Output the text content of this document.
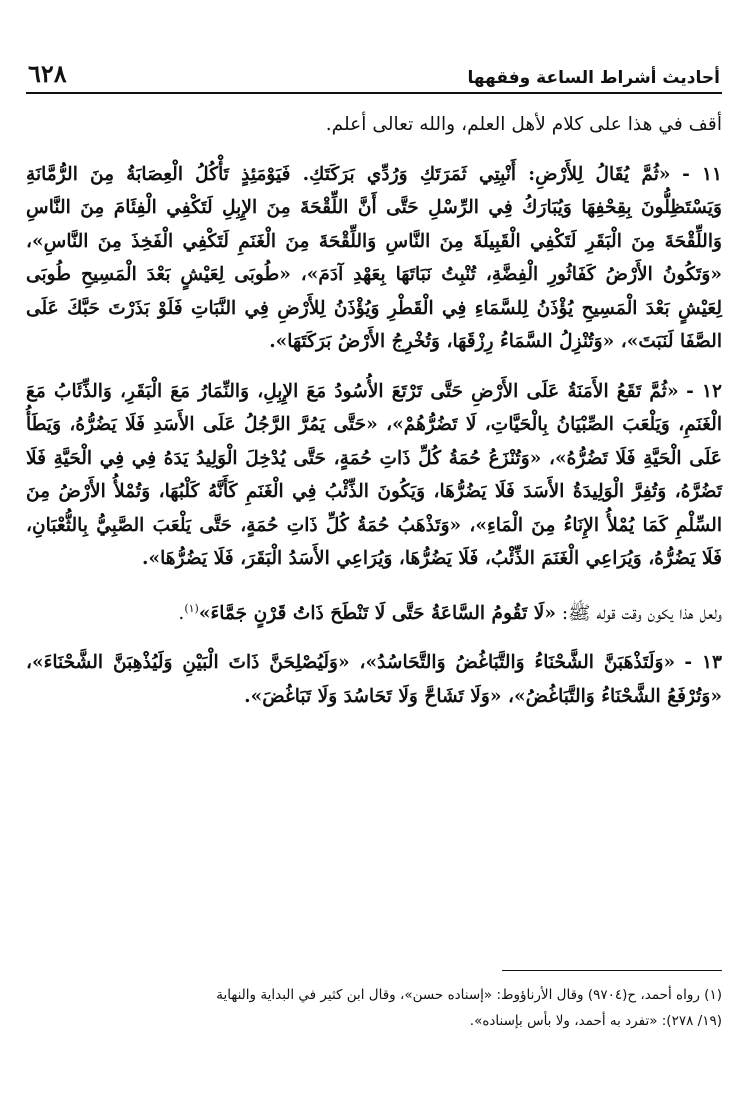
أحاديث أشراط الساعة وفقهها
٦٢٨

أقف في هذا على كلام لأهل العلم، والله تعالى أعلم.

١١ - «ثُمَّ يُقَالُ لِلأَرْضِ: أَنْبِتِي ثَمَرَتَكِ وَرُدِّي بَرَكَتَكِ. فَيَوْمَئِذٍ تَأْكُلُ الْعِصَابَةُ مِنَ الرُّمَّانَةِ وَيَسْتَظِلُّونَ بِقِحْفِهَا وَيُبَارَكُ فِي الرِّسْلِ حَتَّى أَنَّ اللِّقْحَةَ مِنَ الإِبِلِ لَتَكْفِي الْفِئَامَ مِنَ النَّاسِ وَاللِّقْحَةَ مِنَ الْبَقَرِ لَتَكْفِي الْقَبِيلَةَ مِنَ النَّاسِ وَاللِّقْحَةَ مِنَ الْغَنَمِ لَتَكْفِي الْفَخِذَ مِنَ النَّاسِ»، «وَتَكُونُ الأَرْضُ كَفَاثُورِ الْفِضَّةِ، تُنْبِتُ نَبَاتَهَا بِعَهْدِ آدَمَ»، «طُوبَى لِعَيْشٍ بَعْدَ الْمَسِيحِ طُوبَى لِعَيْشٍ بَعْدَ الْمَسِيحِ يُؤْذَنُ لِلسَّمَاءِ فِي الْقَطْرِ وَيُؤْذَنُ لِلأَرْضِ فِي النَّبَاتِ فَلَوْ بَذَرْتَ حَبَّكَ عَلَى الصَّفَا لَنَبَتَ»، «وَتُنْزِلُ السَّمَاءُ رِزْقَهَا، وَتُخْرِجُ الأَرْضُ بَرَكَتَهَا».

١٢ - «ثُمَّ تَقَعُ الأَمَنَةُ عَلَى الأَرْضِ حَتَّى تَرْتَعَ الأُسُودُ مَعَ الإِبِلِ، وَالنِّمَارُ مَعَ الْبَقَرِ، وَالذِّئَابُ مَعَ الْغَنَمِ، وَيَلْعَبَ الصِّبْيَانُ بِالْحَيَّاتِ، لَا تَضُرُّهُمْ»، «حَتَّى يَمُرَّ الرَّجُلُ عَلَى الأَسَدِ فَلَا يَضُرُّهُ، وَيَطَأُ عَلَى الْحَيَّةِ فَلَا تَضُرُّهُ»، «وَتُنْزَعُ حُمَةُ كُلِّ ذَاتِ حُمَةٍ، حَتَّى يُدْخِلَ الْوَلِيدُ يَدَهُ فِي فِي الْحَيَّةِ فَلَا تَضُرَّهُ، وَتُفِرَّ الْوَلِيدَةُ الأَسَدَ فَلَا يَضُرُّهَا، وَيَكُونَ الذِّئْبُ فِي الْغَنَمِ كَأَنَّهُ كَلْبُهَا، وَتُمْلأُ الأَرْضُ مِنَ السِّلْمِ كَمَا يُمْلأُ الإِنَاءُ مِنَ الْمَاءِ»، «وَتَذْهَبُ حُمَةُ كُلِّ ذَاتِ حُمَةٍ، حَتَّى يَلْعَبَ الصَّبِيُّ بِالثُّعْبَانِ، فَلَا يَضُرُّهُ، وَيُرَاعِي الْغَنَمَ الذِّئْبُ، فَلَا يَضُرُّهَا، وَيُرَاعِي الأَسَدُ الْبَقَرَ، فَلَا يَضُرُّهَا».

ولعل هذا يكون وقت قوله ﷺ: «لَا تَقُومُ السَّاعَةُ حَتَّى لَا تَنْطَحَ ذَاتُ قَرْنٍ جَمَّاءَ»$^{(١)}$.

١٣ - «وَلَتَذْهَبَنَّ الشَّحْنَاءُ وَالتَّبَاغُضُ وَالتَّحَاسُدُ»، «وَلَيُصْلِحَنَّ ذَاتَ الْبَيْنِ وَلَيُذْهِبَنَّ الشَّحْنَاءَ»، «وَتُرْفَعُ الشَّحْنَاءُ وَالتَّبَاغُضُ»، «وَلَا تَشَاحَّ وَلَا تَحَاسُدَ وَلَا تَبَاغُضَ».

(١) رواه أحمد، ح(٩٧٠٤) وقال الأرناؤوط: «إسناده حسن»، وقال ابن كثير في البداية والنهاية
(١٩/ ٢٧٨): «تفرد به أحمد، ولا بأس بإسناده».
